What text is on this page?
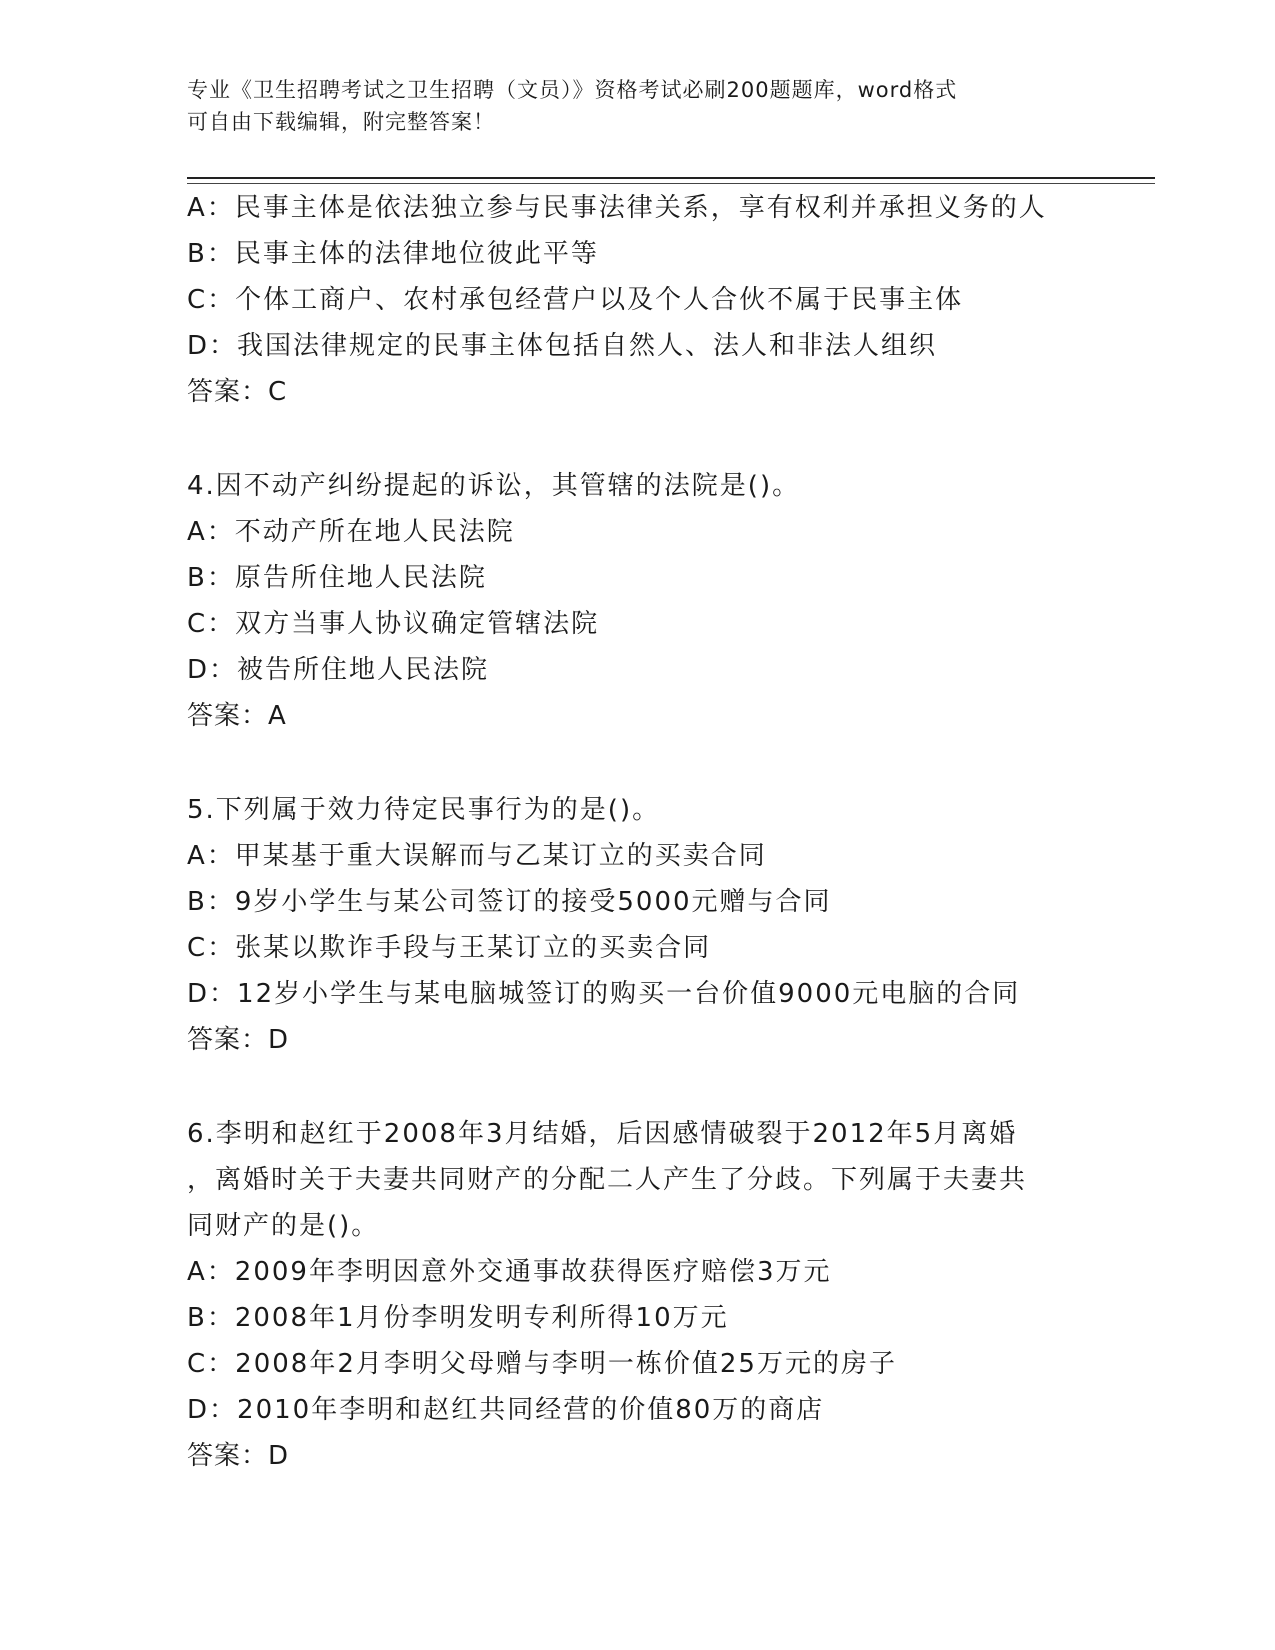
专业《卫生招聘考试之卫生招聘（文员）》资格考试必刷200题题库，word格式
可自由下载编辑，附完整答案！
A：民事主体是依法独立参与民事法律关系，享有权利并承担义务的人
B：民事主体的法律地位彼此平等
C：个体工商户、农村承包经营户以及个人合伙不属于民事主体
D：我国法律规定的民事主体包括自然人、法人和非法人组织
答案：C
4.因不动产纠纷提起的诉讼，其管辖的法院是()。
A：不动产所在地人民法院
B：原告所住地人民法院
C：双方当事人协议确定管辖法院
D：被告所住地人民法院
答案：A
5.下列属于效力待定民事行为的是()。
A：甲某基于重大误解而与乙某订立的买卖合同
B：9岁小学生与某公司签订的接受5000元赠与合同
C：张某以欺诈手段与王某订立的买卖合同
D：12岁小学生与某电脑城签订的购买一台价值9000元电脑的合同
答案：D
6.李明和赵红于2008年3月结婚，后因感情破裂于2012年5月离婚
，离婚时关于夫妻共同财产的分配二人产生了分歧。下列属于夫妻共
同财产的是()。
A：2009年李明因意外交通事故获得医疗赔偿3万元
B：2008年1月份李明发明专利所得10万元
C：2008年2月李明父母赠与李明一栋价值25万元的房子
D：2010年李明和赵红共同经营的价值80万的商店
答案：D
